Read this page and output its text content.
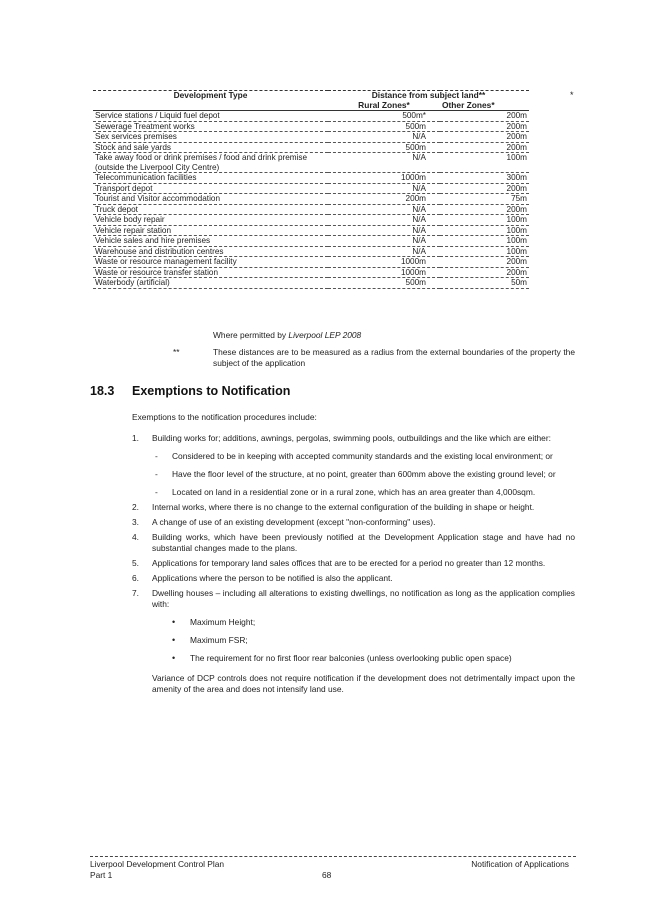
*
Development Type	Distance from subject land**	
	Rural Zones*	Other Zones*
Service stations / Liquid fuel depot	500m*	200m
Sewerage Treatment works	500m	200m
Sex services premises	N/A	200m
Stock and sale yards	500m	200m
Take away food or drink premises / food and drink premise (outside the Liverpool City Centre)	N/A	100m
Telecommunication facilities	1000m	300m
Transport depot	N/A	200m
Tourist and Visitor accommodation	200m	75m
Truck depot	N/A	200m
Vehicle body repair	N/A	100m
Vehicle repair station	N/A	100m
Vehicle sales and hire premises	N/A	100m
Warehouse and distribution centres	N/A	100m
Waste or resource management facility	1000m	200m
Waste or resource transfer station	1000m	200m
Waterbody (artificial)	500m	50m
Where permitted by Liverpool LEP 2008
**	These distances are to be measured as a radius from the external boundaries of the property the subject of the application
18.3 Exemptions to Notification
Exemptions to the notification procedures include:
1. Building works for; additions, awnings, pergolas, swimming pools, outbuildings and the like which are either:
- Considered to be in keeping with accepted community standards and the existing local environment; or
- Have the floor level of the structure, at no point, greater than 600mm above the existing ground level; or
- Located on land in a residential zone or in a rural zone, which has an area greater than 4,000sqm.
2. Internal works, where there is no change to the external configuration of the building in shape or height.
3. A change of use of an existing development (except "non-conforming" uses).
4. Building works, which have been previously notified at the Development Application stage and have had no substantial changes made to the plans.
5. Applications for temporary land sales offices that are to be erected for a period no greater than 12 months.
6. Applications where the person to be notified is also the applicant.
7. Dwelling houses – including all alterations to existing dwellings, no notification as long as the application complies with:
• Maximum Height;
• Maximum FSR;
• The requirement for no first floor rear balconies (unless overlooking public open space)
Variance of DCP controls does not require notification if the development does not detrimentally impact upon the amenity of the area and does not intensify land use.
Liverpool Development Control Plan
Part 1	68
Notification of Applications
